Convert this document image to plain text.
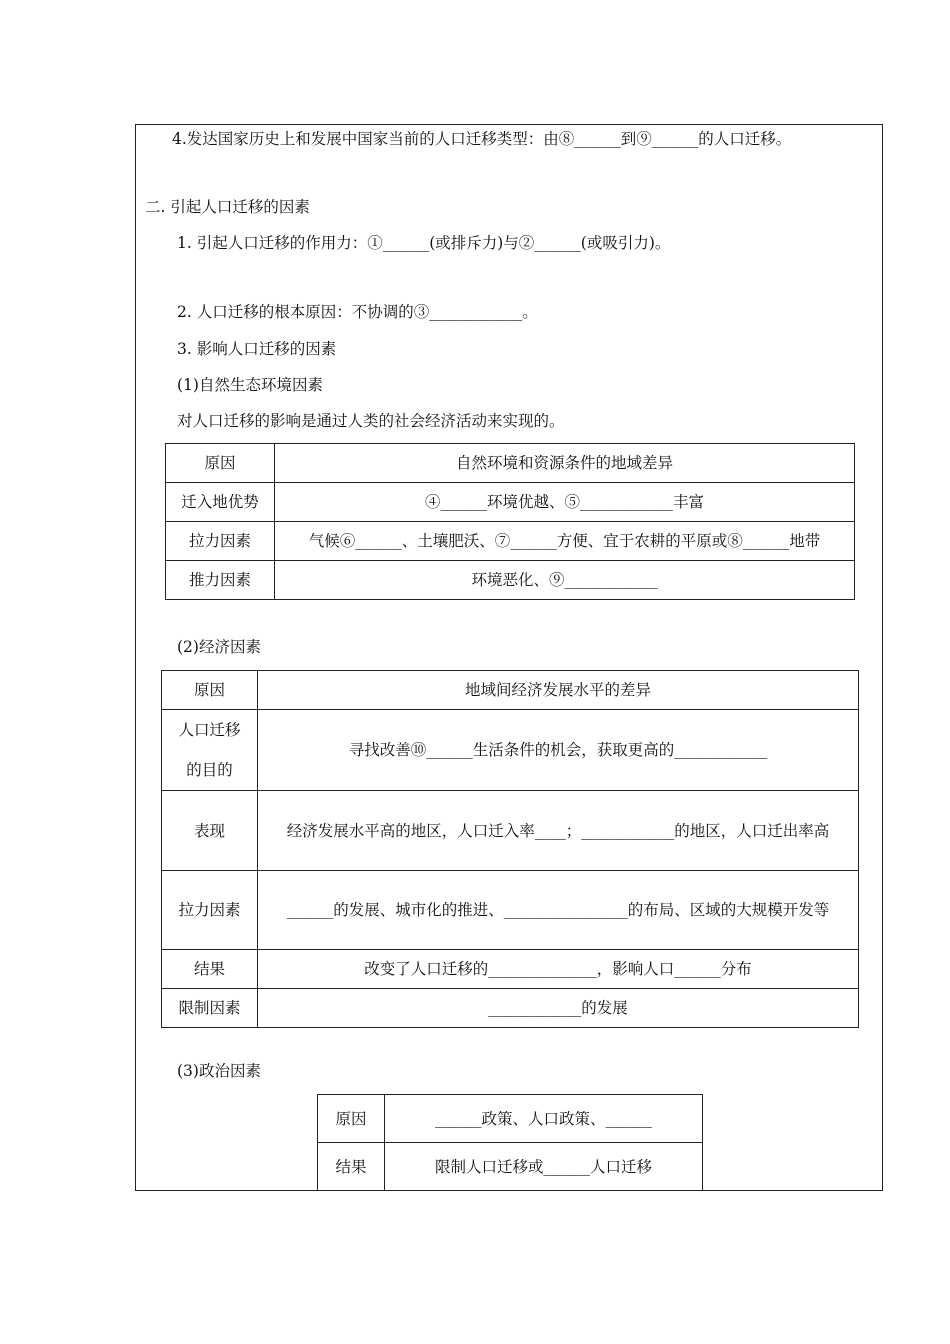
4.发达国家历史上和发展中国家当前的人口迁移类型：由⑧______到⑨______的人口迁移。
二. 引起人口迁移的因素
1. 引起人口迁移的作用力：①______(或排斥力)与②______(或吸引力)。
2. 人口迁移的根本原因：不协调的③____________。
3. 影响人口迁移的因素
(1)自然生态环境因素
对人口迁移的影响是通过人类的社会经济活动来实现的。
原因	自然环境和资源条件的地域差异
迁入地优势	④______环境优越、⑤____________丰富
拉力因素	气候⑥______、土壤肥沃、⑦______方便、宜于农耕的平原或⑧______地带
推力因素	环境恶化、⑨____________
(2)经济因素
原因	地域间经济发展水平的差异
人口迁移的目的	寻找改善⑩______生活条件的机会，获取更高的____________
表现	经济发展水平高的地区，人口迁入率____；____________的地区，人口迁出率高
拉力因素	______的发展、城市化的推进、________________的布局、区域的大规模开发等
结果	改变了人口迁移的______________，影响人口______分布
限制因素	____________的发展
(3)政治因素
原因	______政策、人口政策、______
结果	限制人口迁移或______人口迁移
